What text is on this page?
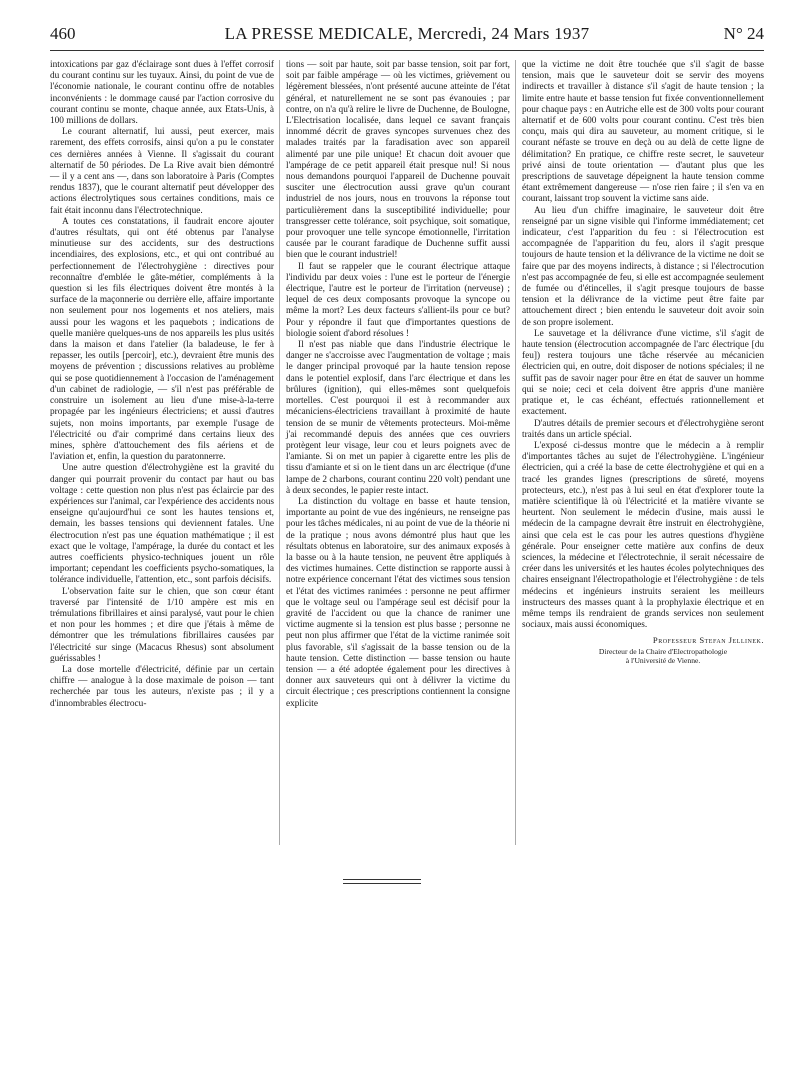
460	LA PRESSE MEDICALE, Mercredi, 24 Mars 1937	N° 24

intoxications par gaz d'éclairage sont dues à l'effet corrosif du courant continu sur les tuyaux. Ainsi, du point de vue de l'économie nationale, le courant continu offre de notables inconvénients : le dommage causé par l'action corrosive du courant continu se monte, chaque année, aux Etats-Unis, à 100 millions de dollars.

Le courant alternatif, lui aussi, peut exercer, mais rarement, des effets corrosifs, ainsi qu'on a pu le constater ces dernières années à Vienne. Il s'agissait du courant alternatif de 50 périodes. De La Rive avait bien démontré — il y a cent ans —, dans son laboratoire à Paris (Comptes rendus 1837), que le courant alternatif peut développer des actions électrolytiques sous certaines conditions, mais ce fait était inconnu dans l'électrotechnique.

A toutes ces constatations, il faudrait encore ajouter d'autres résultats, qui ont été obtenus par l'analyse minutieuse sur des accidents, sur des destructions incendiaires, des explosions, etc., et qui ont contribué au perfectionnement de l'électrohygiène : directives pour reconnaître d'emblée le gâte-métier, compléments à la question si les fils électriques doivent être montés à la surface de la maçonnerie ou derrière elle, affaire importante non seulement pour nos logements et nos ateliers, mais aussi pour les wagons et les paquebots ; indications de quelle manière quelques-uns de nos appareils les plus usités dans la maison et dans l'atelier (la baladeuse, le fer à repasser, les outils [percoir], etc.), devraient être munis des moyens de prévention ; discussions relatives au problème qui se pose quotidiennement à l'occasion de l'aménagement d'un cabinet de radiologie, — s'il n'est pas préférable de construire un isolement au lieu d'une mise-à-la-terre propagée par les ingénieurs électriciens; et aussi d'autres sujets, non moins importants, par exemple l'usage de l'électricité ou d'air comprimé dans certains lieux des mines, sphère d'attouchement des fils aériens et de l'aviation et, enfin, la question du paratonnerre.

Une autre question d'électrohygiène est la gravité du danger qui pourrait provenir du contact par haut ou bas voltage : cette question non plus n'est pas éclaircie par des expériences sur l'animal, car l'expérience des accidents nous enseigne qu'aujourd'hui ce sont les hautes tensions et, demain, les basses tensions qui deviennent fatales. Une électrocution n'est pas une équation mathématique ; il est exact que le voltage, l'ampérage, la durée du contact et les autres coefficients physico-techniques jouent un rôle important; cependant les coefficients psycho-somatiques, la tolérance individuelle, l'attention, etc., sont parfois décisifs.

L'observation faite sur le chien, que son cœur étant traversé par l'intensité de 1/10 ampère est mis en trémulations fibrillaires et ainsi paralysé, vaut pour le chien et non pour les hommes ; et dire que j'étais à même de démontrer que les trémulations fibrillaires causées par l'électricité sur singe (Macacus Rhesus) sont absolument guérissables !

La dose mortelle d'électricité, définie par un certain chiffre — analogue à la dose maximale de poison — tant recherchée par tous les auteurs, n'existe pas ; il y a d'innombrables électrocu-

tions — soit par haute, soit par basse tension, soit par fort, soit par faible ampérage — où les victimes, grièvement ou légèrement blessées, n'ont présenté aucune atteinte de l'état général, et naturellement ne se sont pas évanouies ; par contre, on n'a qu'à relire le livre de Duchenne, de Boulogne, L'Electrisation localisée, dans lequel ce savant français innommé décrit de graves syncopes survenues chez des malades traités par la faradisation avec son appareil alimenté par une pile unique! Et chacun doit avouer que l'ampérage de ce petit appareil était presque nul! Si nous nous demandons pourquoi l'appareil de Duchenne pouvait susciter une électrocution aussi grave qu'un courant industriel de nos jours, nous en trouvons la réponse tout particulièrement dans la susceptibilité individuelle; pour transgresser cette tolérance, soit psychique, soit somatique, pour provoquer une telle syncope émotionnelle, l'irritation causée par le courant faradique de Duchenne suffit aussi bien que le courant industriel!

Il faut se rappeler que le courant électrique attaque l'individu par deux voies : l'une est le porteur de l'énergie électrique, l'autre est le porteur de l'irritation (nerveuse) ; lequel de ces deux composants provoque la syncope ou même la mort? Les deux facteurs s'allient-ils pour ce but? Pour y répondre il faut que d'importantes questions de biologie soient d'abord résolues !

Il n'est pas niable que dans l'industrie électrique le danger ne s'accroisse avec l'augmentation de voltage ; mais le danger principal provoqué par la haute tension repose dans le potentiel explosif, dans l'arc électrique et dans les brûlures (ignition), qui elles-mêmes sont quelquefois mortelles. C'est pourquoi il est à recommander aux mécaniciens-électriciens travaillant à proximité de haute tension de se munir de vêtements protecteurs. Moi-même j'ai recommandé depuis des années que ces ouvriers protègent leur visage, leur cou et leurs poignets avec de l'amiante. Si on met un papier à cigarette entre les plis de tissu d'amiante et si on le tient dans un arc électrique (d'une lampe de 2 charbons, courant continu 220 volt) pendant une à deux secondes, le papier reste intact.

La distinction du voltage en basse et haute tension, importante au point de vue des ingénieurs, ne renseigne pas pour les tâches médicales, ni au point de vue de la théorie ni de la pratique ; nous avons démontré plus haut que les résultats obtenus en laboratoire, sur des animaux exposés à la basse ou à la haute tension, ne peuvent être appliqués à des victimes humaines. Cette distinction se rapporte aussi à notre expérience concernant l'état des victimes sous tension et l'état des victimes ranimées : personne ne peut affirmer que le voltage seul ou l'ampérage seul est décisif pour la gravité de l'accident ou que la chance de ranimer une victime augmente si la tension est plus basse ; personne ne peut non plus affirmer que l'état de la victime ranimée soit plus favorable, s'il s'agissait de la basse tension ou de la haute tension. Cette distinction — basse tension ou haute tension — a été adoptée également pour les directives à donner aux sauveteurs qui ont à délivrer la victime du circuit électrique ; ces prescriptions contiennent la consigne explicite

que la victime ne doit être touchée que s'il s'agit de basse tension, mais que le sauveteur doit se servir des moyens indirects et travailler à distance s'il s'agit de haute tension ; la limite entre haute et basse tension fut fixée conventionnellement pour chaque pays : en Autriche elle est de 300 volts pour courant alternatif et de 600 volts pour courant continu. C'est très bien conçu, mais qui dira au sauveteur, au moment critique, si le courant néfaste se trouve en deçà ou au delà de cette ligne de délimitation? En pratique, ce chiffre reste secret, le sauveteur privé ainsi de toute orientation — d'autant plus que les prescriptions de sauvetage dépeignent la haute tension comme étant extrêmement dangereuse — n'ose rien faire ; il s'en va en courant, laissant trop souvent la victime sans aide.

Au lieu d'un chiffre imaginaire, le sauveteur doit être renseigné par un signe visible qui l'informe immédiatement; cet indicateur, c'est l'apparition du feu : si l'électrocution est accompagnée de l'apparition du feu, alors il s'agit presque toujours de haute tension et la délivrance de la victime ne doit se faire que par des moyens indirects, à distance ; si l'électrocution n'est pas accompagnée de feu, si elle est accompagnée seulement de fumée ou d'étincelles, il s'agit presque toujours de basse tension et la délivrance de la victime peut être faite par attouchement direct ; bien entendu le sauveteur doit avoir soin de son propre isolement.

Le sauvetage et la délivrance d'une victime, s'il s'agit de haute tension (électrocution accompagnée de l'arc électrique [du feu]) restera toujours une tâche réservée au mécanicien électricien qui, en outre, doit disposer de notions spéciales; il ne suffit pas de savoir nager pour être en état de sauver un homme qui se noie; ceci et cela doivent être appris d'une manière pratique et, le cas échéant, effectués rationnellement et exactement.

D'autres détails de premier secours et d'électrohygiène seront traités dans un article spécial.

L'exposé ci-dessus montre que le médecin a à remplir d'importantes tâches au sujet de l'électrohygiène. L'ingénieur électricien, qui a créé la base de cette électrohygiène et qui en a tracé les grandes lignes (prescriptions de sûreté, moyens protecteurs, etc.), n'est pas à lui seul en état d'explorer toute la matière scientifique là où l'électricité et la matière vivante se heurtent. Non seulement le médecin d'usine, mais aussi le médecin de la campagne devrait être instruit en électrohygiène, ainsi que cela est le cas pour les autres questions d'hygiène générale. Pour enseigner cette matière aux confins de deux sciences, la médecine et l'électrotechnie, il serait nécessaire de créer dans les universités et les hautes écoles polytechniques des chaires enseignant l'électropathologie et l'électrohygiène : de tels médecins et ingénieurs instruits seraient les meilleurs instructeurs des masses quant à la prophylaxie électrique et en même temps ils rendraient de grands services non seulement sociaux, mais aussi économiques.

Professeur Stefan Jellinek.
Directeur de la Chaire d'Electropathologie
à l'Université de Vienne.
